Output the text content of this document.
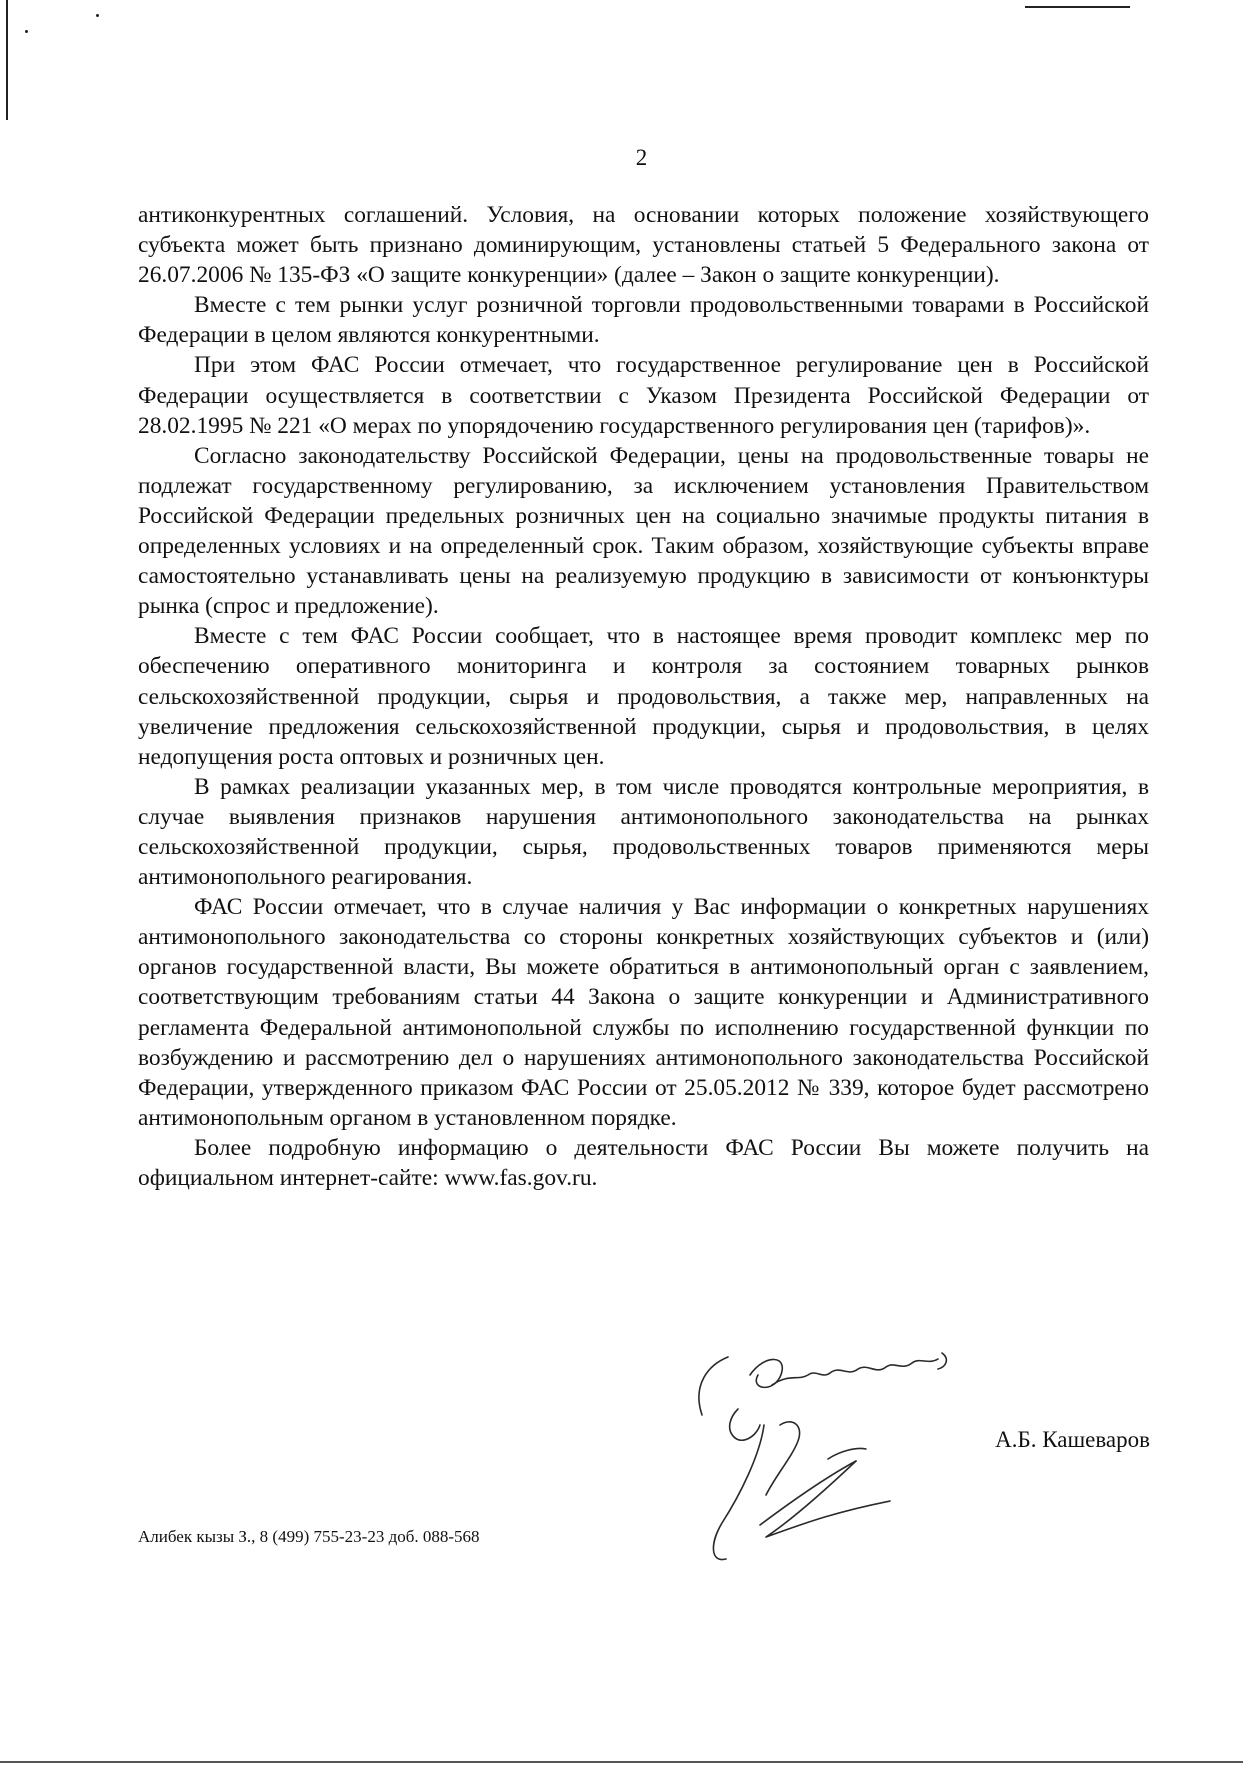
2

антиконкурентных соглашений. Условия, на основании которых положение хозяйствующего субъекта может быть признано доминирующим, установлены статьей 5 Федерального закона от 26.07.2006 № 135-ФЗ «О защите конкуренции» (далее – Закон о защите конкуренции).

Вместе с тем рынки услуг розничной торговли продовольственными товарами в Российской Федерации в целом являются конкурентными.

При этом ФАС России отмечает, что государственное регулирование цен в Российской Федерации осуществляется в соответствии с Указом Президента Российской Федерации от 28.02.1995 № 221 «О мерах по упорядочению государственного регулирования цен (тарифов)».

Согласно законодательству Российской Федерации, цены на продовольственные товары не подлежат государственному регулированию, за исключением установления Правительством Российской Федерации предельных розничных цен на социально значимые продукты питания в определенных условиях и на определенный срок. Таким образом, хозяйствующие субъекты вправе самостоятельно устанавливать цены на реализуемую продукцию в зависимости от конъюнктуры рынка (спрос и предложение).

Вместе с тем ФАС России сообщает, что в настоящее время проводит комплекс мер по обеспечению оперативного мониторинга и контроля за состоянием товарных рынков сельскохозяйственной продукции, сырья и продовольствия, а также мер, направленных на увеличение предложения сельскохозяйственной продукции, сырья и продовольствия, в целях недопущения роста оптовых и розничных цен.

В рамках реализации указанных мер, в том числе проводятся контрольные мероприятия, в случае выявления признаков нарушения антимонопольного законодательства на рынках сельскохозяйственной продукции, сырья, продовольственных товаров применяются меры антимонопольного реагирования.

ФАС России отмечает, что в случае наличия у Вас информации о конкретных нарушениях антимонопольного законодательства со стороны конкретных хозяйствующих субъектов и (или) органов государственной власти, Вы можете обратиться в антимонопольный орган с заявлением, соответствующим требованиям статьи 44 Закона о защите конкуренции и Административного регламента Федеральной антимонопольной службы по исполнению государственной функции по возбуждению и рассмотрению дел о нарушениях антимонопольного законодательства Российской Федерации, утвержденного приказом ФАС России от 25.05.2012 № 339, которое будет рассмотрено антимонопольным органом в установленном порядке.

Более подробную информацию о деятельности ФАС России Вы можете получить на официальном интернет-сайте: www.fas.gov.ru.

А.Б. Кашеваров
Алибек кызы З., 8 (499) 755-23-23 доб. 088-568
